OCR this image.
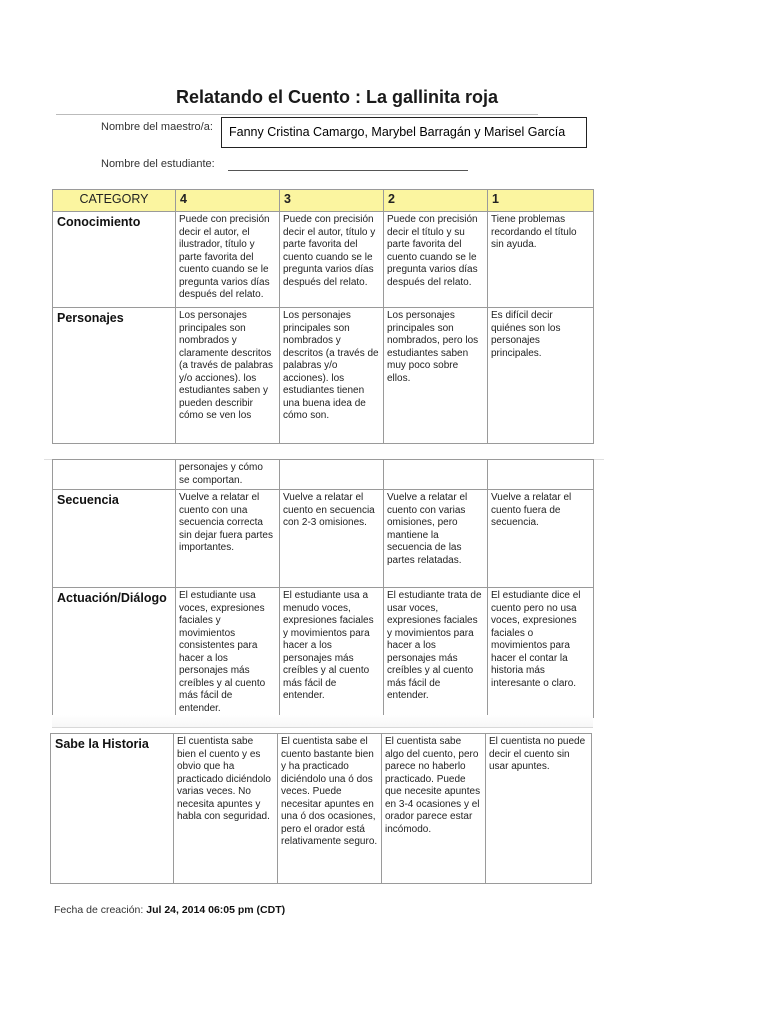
Relatando el Cuento : La gallinita roja
Nombre del maestro/a:	Fanny Cristina Camargo, Marybel Barragán y Marisel García
Nombre del estudiante:
CATEGORY	4	3	2	1
Conocimiento	Puede con precisión decir el autor, el ilustrador, título y parte favorita del cuento cuando se le pregunta varios días después del relato.	Puede con precisión decir el autor, título y parte favorita del cuento cuando se le pregunta varios días después del relato.	Puede con precisión decir el título y su parte favorita del cuento cuando se le pregunta varios días después del relato.	Tiene problemas recordando el título sin ayuda.
Personajes	Los personajes principales son nombrados y claramente descritos (a través de palabras y/o acciones). los estudiantes saben y pueden describir cómo se ven los	Los personajes principales son nombrados y descritos (a través de palabras y/o acciones). los estudiantes tienen una buena idea de cómo son.	Los personajes principales son nombrados, pero los estudiantes saben muy poco sobre ellos.	Es difícil decir quiénes son los personajes principales.
	personajes y cómo se comportan.			
Secuencia	Vuelve a relatar el cuento con una secuencia correcta sin dejar fuera partes importantes.	Vuelve a relatar el cuento en secuencia con 2-3 omisiones.	Vuelve a relatar el cuento con varias omisiones, pero mantiene la secuencia de las partes relatadas.	Vuelve a relatar el cuento fuera de secuencia.
Actuación/Diálogo	El estudiante usa voces, expresiones faciales y movimientos consistentes para hacer a los personajes más creíbles y al cuento más fácil de entender.	El estudiante usa a menudo voces, expresiones faciales y movimientos para hacer a los personajes más creíbles y al cuento más fácil de entender.	El estudiante trata de usar voces, expresiones faciales y movimientos para hacer a los personajes más creíbles y al cuento más fácil de entender.	El estudiante dice el cuento pero no usa voces, expresiones faciales o movimientos para hacer el contar la historia más interesante o claro.
Sabe la Historia	El cuentista sabe bien el cuento y es obvio que ha practicado diciéndolo varias veces. No necesita apuntes y habla con seguridad.	El cuentista sabe el cuento bastante bien y ha practicado diciéndolo una ó dos veces. Puede necesitar apuntes en una ó dos ocasiones, pero el orador está relativamente seguro.	El cuentista sabe algo del cuento, pero parece no haberlo practicado. Puede que necesite apuntes en 3-4 ocasiones y el orador parece estar incómodo.	El cuentista no puede decir el cuento sin usar apuntes.
Fecha de creación: Jul 24, 2014 06:05 pm (CDT)
